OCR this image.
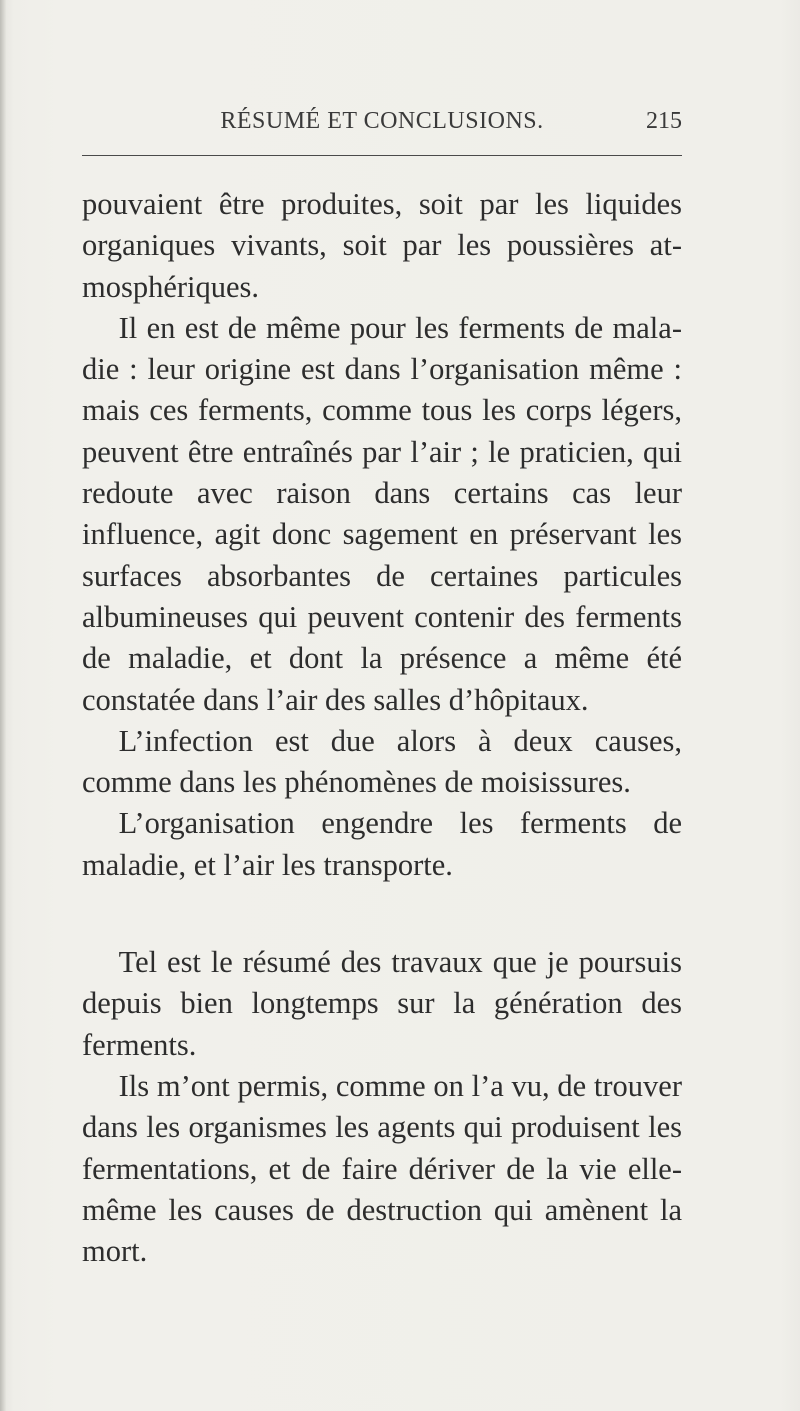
RÉSUMÉ ET CONCLUSIONS.	215

pouvaient être produites, soit par les liquides organiques vivants, soit par les poussières atmosphériques.

Il en est de même pour les ferments de maladie : leur origine est dans l’organisation même : mais ces ferments, comme tous les corps légers, peuvent être entraînés par l’air ; le praticien, qui redoute avec raison dans certains cas leur influence, agit donc sagement en préservant les surfaces absorbantes de certaines particules albumineuses qui peuvent contenir des ferments de maladie, et dont la présence a même été constatée dans l’air des salles d’hôpitaux.

L’infection est due alors à deux causes, comme dans les phénomènes de moisissures.

L’organisation engendre les ferments de maladie, et l’air les transporte.

Tel est le résumé des travaux que je poursuis depuis bien longtemps sur la génération des ferments.

Ils m’ont permis, comme on l’a vu, de trouver dans les organismes les agents qui produisent les fermentations, et de faire dériver de la vie elle-même les causes de destruction qui amènent la mort.
